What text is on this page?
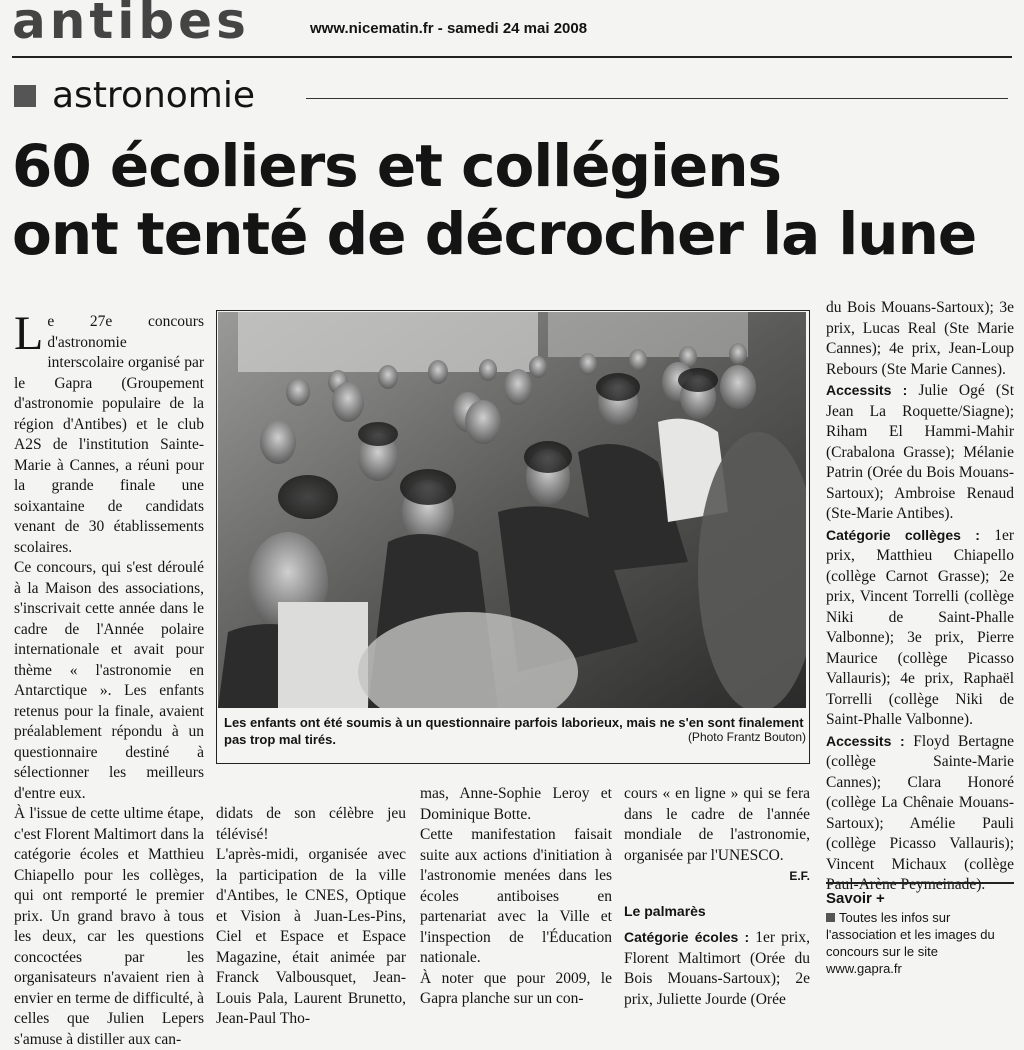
antibes	www.nicematin.fr - samedi 24 mai 2008
astronomie
60 écoliers et collégiens
ont tenté de décrocher la lune

Le 27e concours d'astronomie interscolaire organisé par le Gapra (Groupement d'astronomie populaire de la région d'Antibes) et le club A2S de l'institution Sainte-Marie à Cannes, a réuni pour la grande finale une soixantaine de candidats venant de 30 établissements scolaires.

Ce concours, qui s'est déroulé à la Maison des associations, s'inscrivait cette année dans le cadre de l'Année polaire internationale et avait pour thème « l'astronomie en Antarctique ». Les enfants retenus pour la finale, avaient préalablement répondu à un questionnaire destiné à sélectionner les meilleurs d'entre eux.

À l'issue de cette ultime étape, c'est Florent Maltimort dans la catégorie écoles et Matthieu Chiapello pour les collèges, qui ont remporté le premier prix. Un grand bravo à tous les deux, car les questions concoctées par les organisateurs n'avaient rien à envier en terme de difficulté, à celles que Julien Lepers s'amuse à distiller aux can-

Les enfants ont été soumis à un questionnaire parfois laborieux, mais ne s'en sont finalement pas trop mal tirés.	(Photo Frantz Bouton)

didats de son célèbre jeu télévisé!

L'après-midi, organisée avec la participation de la ville d'Antibes, le CNES, Optique et Vision à Juan-Les-Pins, Ciel et Espace et Espace Magazine, était animée par Franck Valbousquet, Jean-Louis Pala, Laurent Brunetto, Jean-Paul Tho-

mas, Anne-Sophie Leroy et Dominique Botte.

Cette manifestation faisait suite aux actions d'initiation à l'astronomie menées dans les écoles antiboises en partenariat avec la Ville et l'inspection de l'Éducation nationale.

À noter que pour 2009, le Gapra planche sur un con-

cours « en ligne » qui se fera dans le cadre de l'année mondiale de l'astronomie, organisée par l'UNESCO.

E.F.
Le palmarès

Catégorie écoles : 1er prix, Florent Maltimort (Orée du Bois Mouans-Sartoux); 2e prix, Juliette Jourde (Orée

du Bois Mouans-Sartoux); 3e prix, Lucas Real (Ste Marie Cannes); 4e prix, Jean-Loup Rebours (Ste Marie Cannes).

Accessits : Julie Ogé (St Jean La Roquette/Siagne); Riham El Hammi-Mahir (Crabalona Grasse); Mélanie Patrin (Orée du Bois Mouans-Sartoux); Ambroise Renaud (Ste-Marie Antibes).

Catégorie collèges : 1er prix, Matthieu Chiapello (collège Carnot Grasse); 2e prix, Vincent Torrelli (collège Niki de Saint-Phalle Valbonne); 3e prix, Pierre Maurice (collège Picasso Vallauris); 4e prix, Raphaël Torrelli (collège Niki de Saint-Phalle Valbonne).

Accessits : Floyd Bertagne (collège Sainte-Marie Cannes); Clara Honoré (collège La Chênaie Mouans-Sartoux); Amélie Pauli (collège Picasso Vallauris); Vincent Michaux (collège Paul-Arène Peymeinade).

Savoir +
Toutes les infos sur l'association et les images du concours sur le site www.gapra.fr
